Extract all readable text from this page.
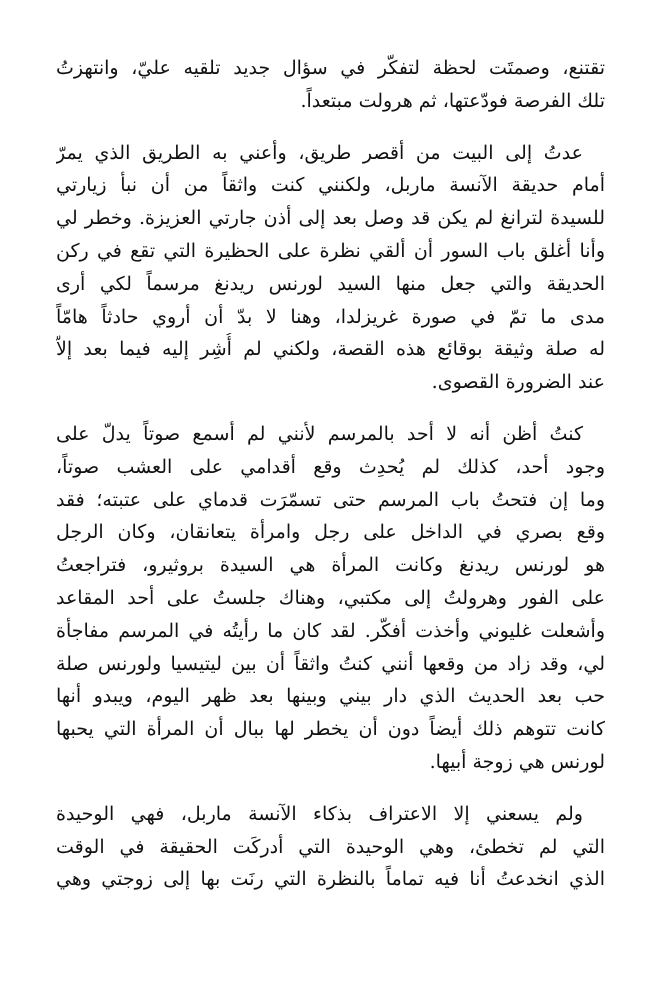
تقتنع، وصمتَت لحظة لتفكّر في سؤال جديد تلقيه عليّ، وانتهزتُ
تلك الفرصة فودّعتها، ثم هرولت مبتعداً.
عدتُ إلى البيت من أقصر طريق، وأعني به الطريق الذي يمرّ
أمام حديقة الآنسة ماربل، ولكنني كنت واثقاً من أن نبأ زيارتي
للسيدة لترانغ لم يكن قد وصل بعد إلى أذن جارتي العزيزة. وخطر لي
وأنا أغلق باب السور أن ألقي نظرة على الحظيرة التي تقع في ركن
الحديقة والتي جعل منها السيد لورنس ريدنغ مرسماً لكي أرى
مدى ما تمّ في صورة غريزلدا، وهنا لا بدّ أن أروي حادثاً هامّاً
له صلة وثيقة بوقائع هذه القصة، ولكني لم أُشِر إليه فيما بعد إلاّ
عند الضرورة القصوى.
كنتُ أظن أنه لا أحد بالمرسم لأنني لم أسمع صوتاً يدلّ على
وجود أحد، كذلك لم يُحدِث وقع أقدامي على العشب صوتاً،
وما إن فتحتُ باب المرسم حتى تسمّرَت قدماي على عتبته؛ فقد
وقع بصري في الداخل على رجل وامرأة يتعانقان، وكان الرجل
هو لورنس ريدنغ وكانت المرأة هي السيدة بروثيرو، فتراجعتُ
على الفور وهرولتُ إلى مكتبي، وهناك جلستُ على أحد المقاعد
وأشعلت غليوني وأخذت أفكّر. لقد كان ما رأيتُه في المرسم مفاجأة
لي، وقد زاد من وقعها أنني كنتُ واثقاً أن بين ليتيسيا ولورنس صلة
حب بعد الحديث الذي دار بيني وبينها بعد ظهر اليوم، ويبدو أنها
كانت تتوهم ذلك أيضاً دون أن يخطر لها ببال أن المرأة التي يحبها
لورنس هي زوجة أبيها.
ولم يسعني إلا الاعتراف بذكاء الآنسة ماربل، فهي الوحيدة
التي لم تخطئ، وهي الوحيدة التي أدركَت الحقيقة في الوقت
الذي انخدعتُ أنا فيه تماماً بالنظرة التي رنَت بها إلى زوجتي وهي
